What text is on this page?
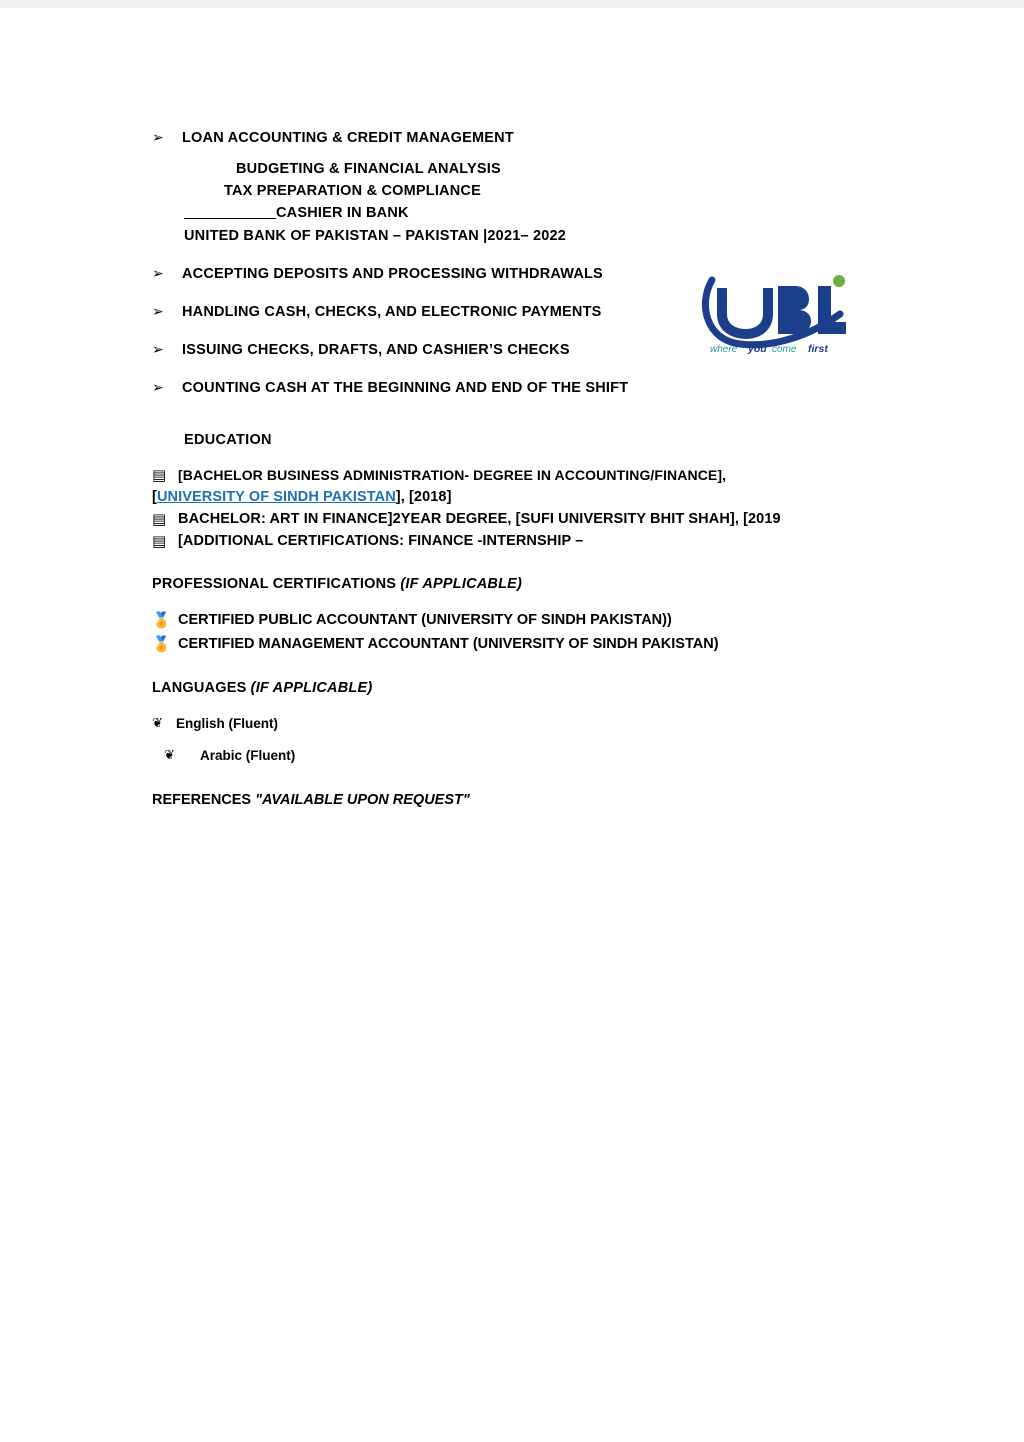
➢	LOAN ACCOUNTING & CREDIT MANAGEMENT
BUDGETING & FINANCIAL ANALYSIS
TAX PREPARATION & COMPLIANCE
CASHIER IN BANK
UNITED BANK OF PAKISTAN – PAKISTAN |2021– 2022
➢	ACCEPTING DEPOSITS AND PROCESSING WITHDRAWALS
➢	HANDLING CASH, CHECKS, AND ELECTRONIC PAYMENTS
➢	ISSUING CHECKS, DRAFTS, AND CASHIER’S CHECKS
➢	COUNTING CASH AT THE BEGINNING AND END OF THE SHIFT
EDUCATION
▤ [BACHELOR BUSINESS ADMINISTRATION- DEGREE IN ACCOUNTING/FINANCE],
[UNIVERSITY OF SINDH PAKISTAN], [2018]
▤ BACHELOR: ART IN FINANCE]2YEAR DEGREE, [SUFI UNIVERSITY BHIT SHAH], [2019
▤ [ADDITIONAL CERTIFICATIONS: FINANCE -INTERNSHIP –
PROFESSIONAL CERTIFICATIONS (IF APPLICABLE)
🏅 CERTIFIED PUBLIC ACCOUNTANT (UNIVERSITY OF SINDH PAKISTAN))
🏅 CERTIFIED MANAGEMENT ACCOUNTANT (UNIVERSITY OF SINDH PAKISTAN)
LANGUAGES (IF APPLICABLE)
❦ English (Fluent)
❦	Arabic (Fluent)
REFERENCES "AVAILABLE UPON REQUEST"
where you come first
